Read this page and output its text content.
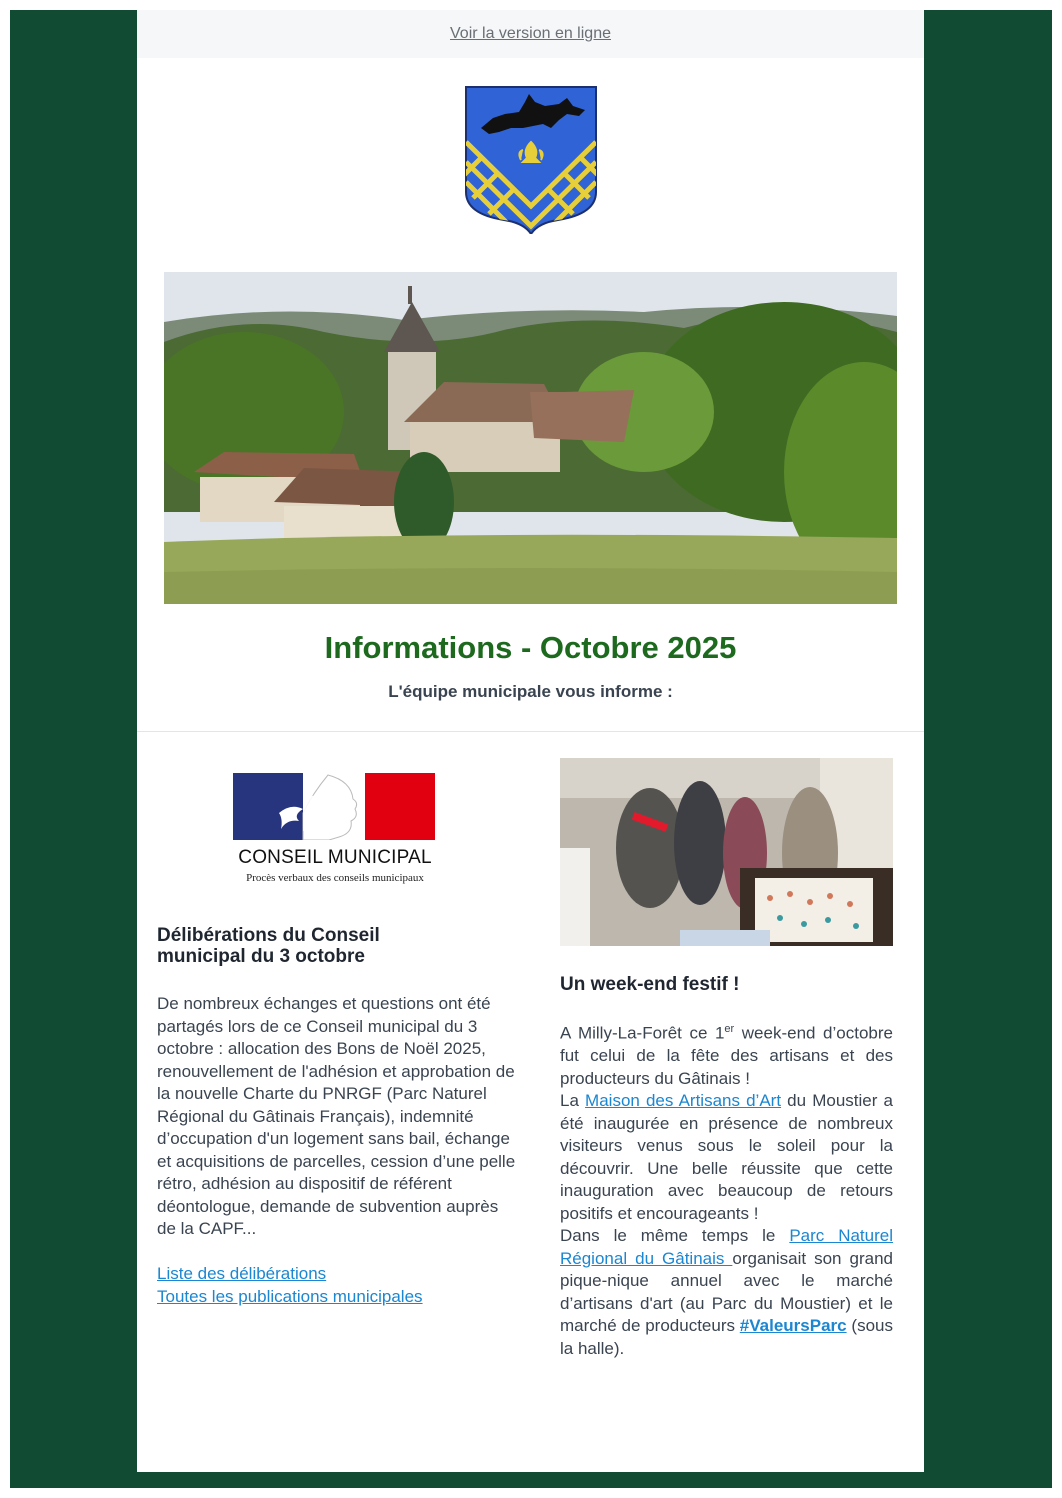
Voir la version en ligne
Informations - Octobre 2025
L'équipe municipale vous informe :
CONSEIL MUNICIPAL
Procès verbaux des conseils municipaux
Délibérations du Conseil municipal du 3 octobre
De nombreux échanges et questions ont été partagés lors de ce Conseil municipal du 3 octobre : allocation des Bons de Noël 2025, renouvellement de l'adhésion et approbation de la nouvelle Charte du PNRGF (Parc Naturel Régional du Gâtinais Français), indemnité d’occupation d'un logement sans bail, échange et acquisitions de parcelles, cession d’une pelle rétro, adhésion au dispositif de référent déontologue, demande de subvention auprès de la CAPF...
Liste des délibérations
Toutes les publications municipales
Un week-end festif !
A Milly-La-Forêt ce 1er week-end d’octobre fut celui de la fête des artisans et des producteurs du Gâtinais !
La Maison des Artisans d’Art du Moustier a été inaugurée en présence de nombreux visiteurs venus sous le soleil pour la découvrir. Une belle réussite que cette inauguration avec beaucoup de retours positifs et encourageants !
Dans le même temps le Parc Naturel Régional du Gâtinais organisait son grand pique-nique annuel avec le marché d’artisans d'art (au Parc du Moustier) et le marché de producteurs #ValeursParc (sous la halle).
